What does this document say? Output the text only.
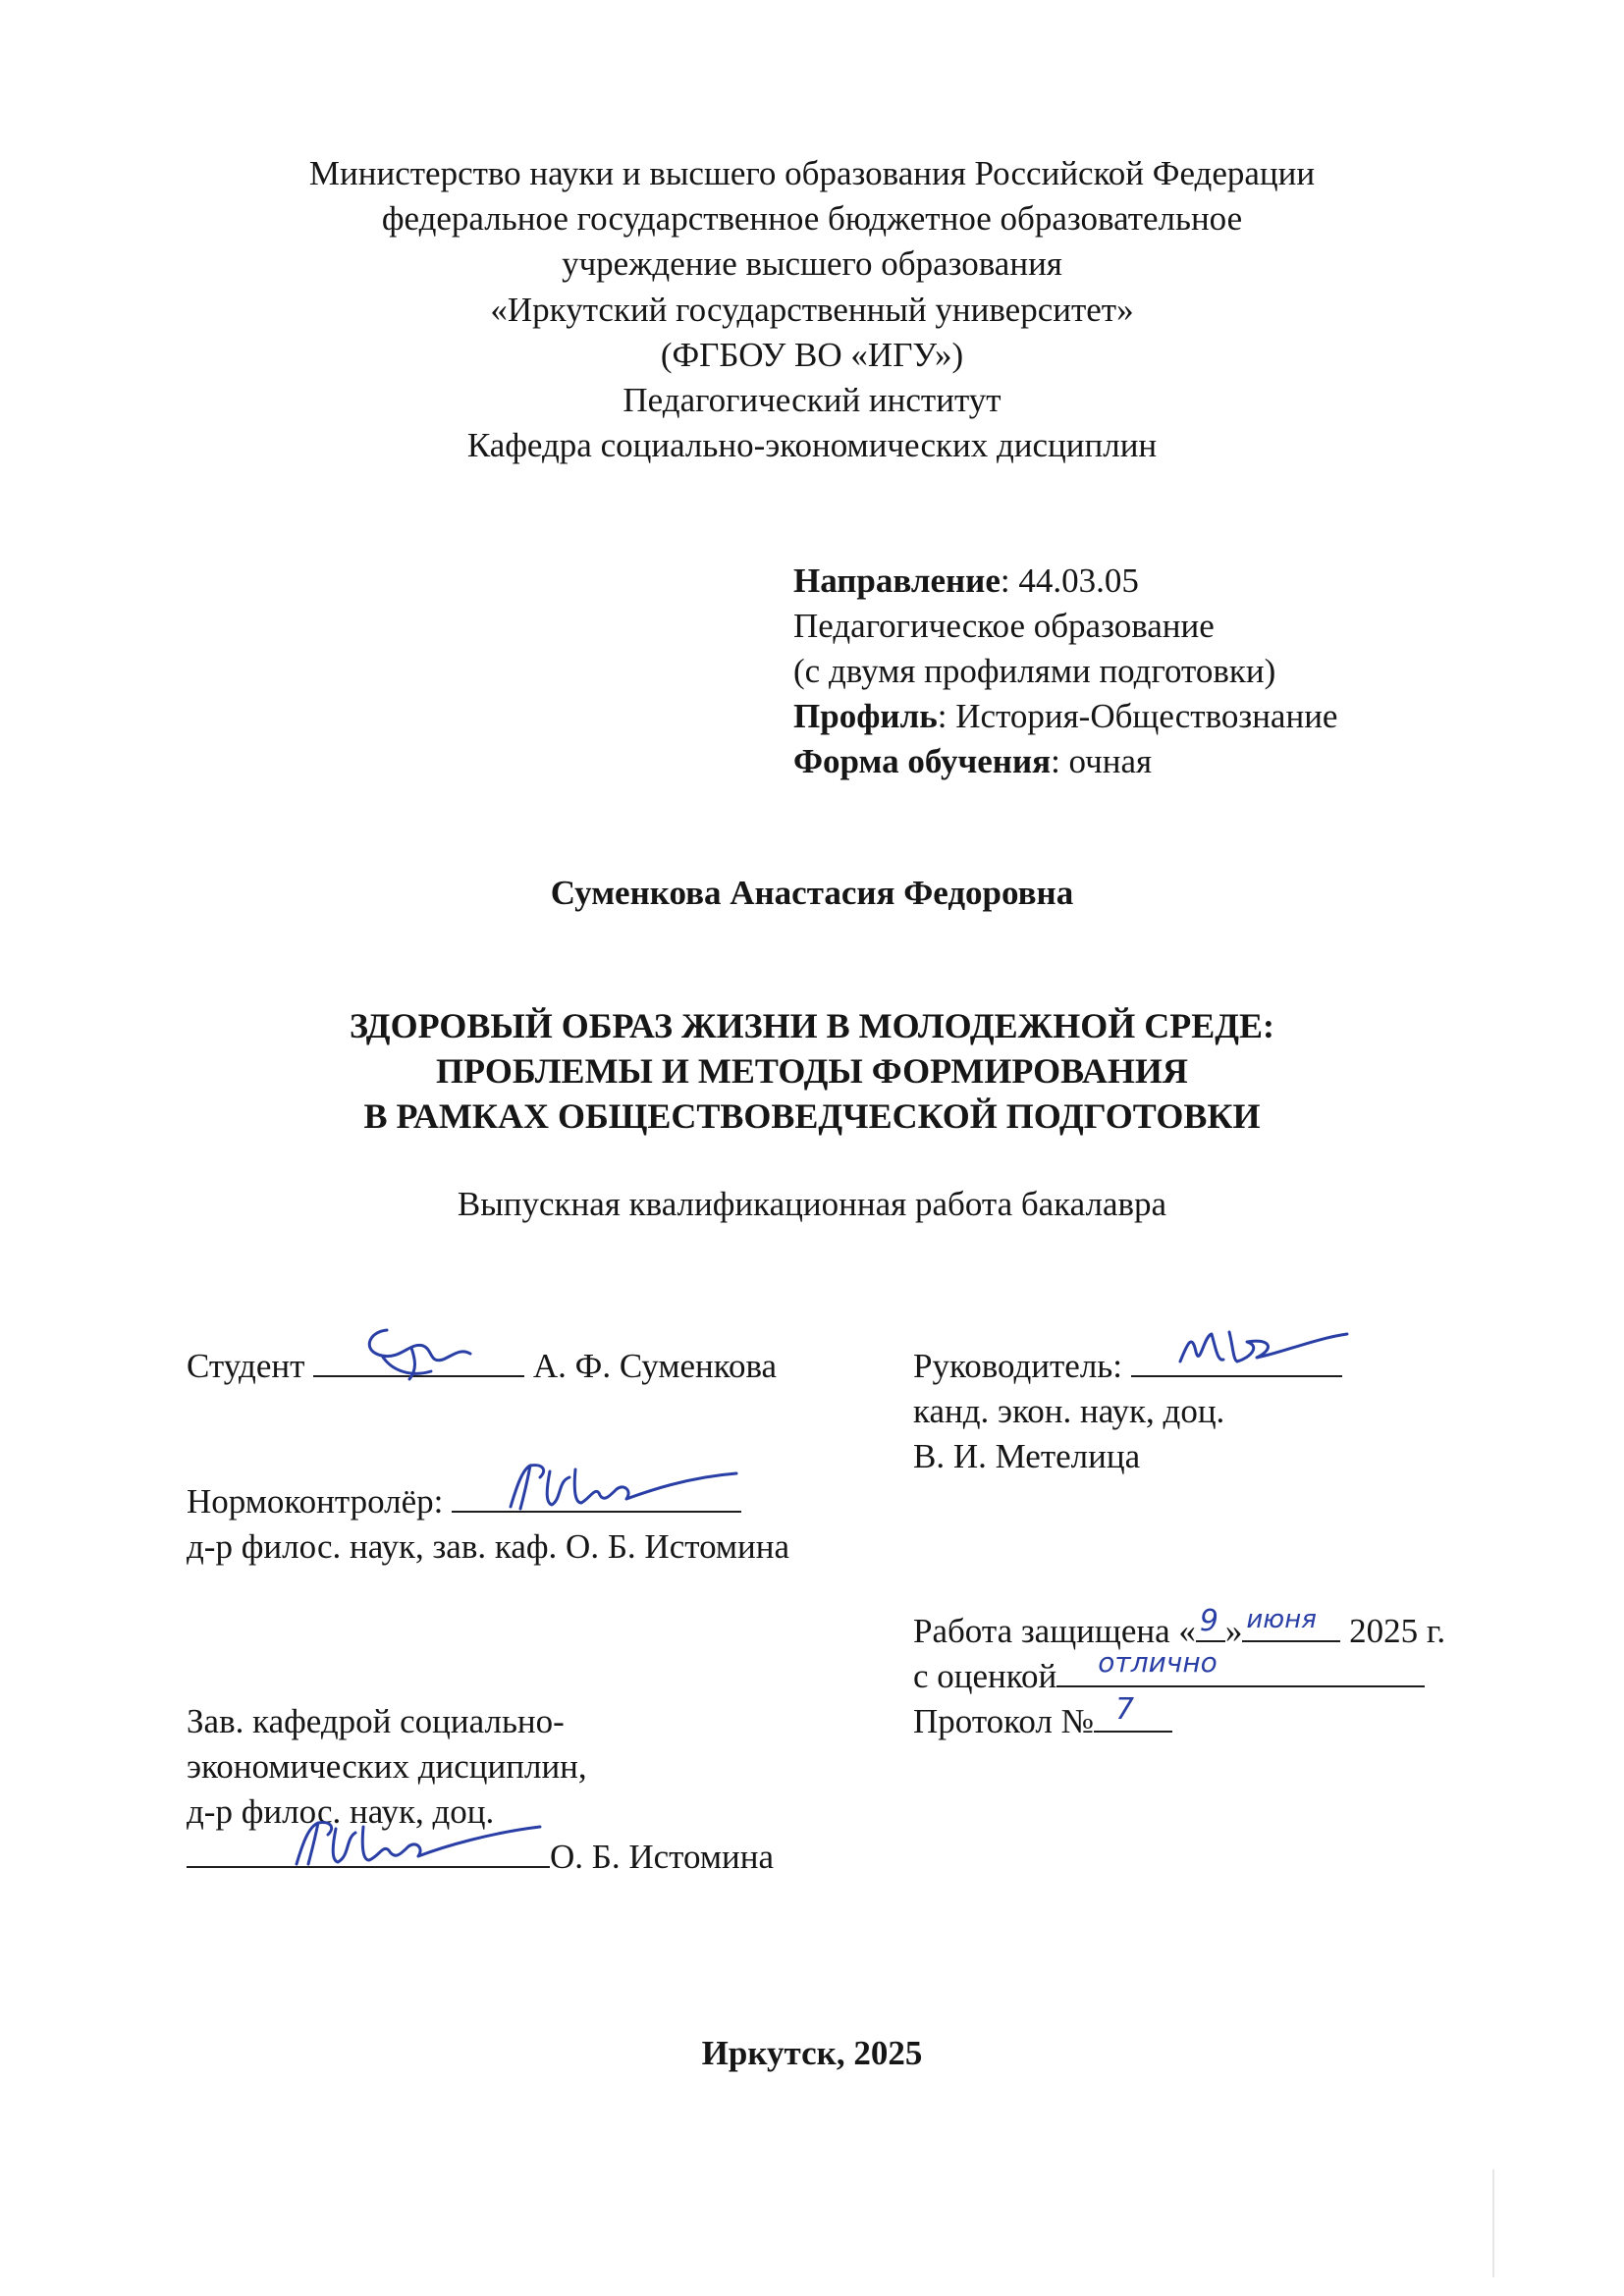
Министерство науки и высшего образования Российской Федерации
федеральное государственное бюджетное образовательное
учреждение высшего образования
«Иркутский государственный университет»
(ФГБОУ ВО «ИГУ»)
Педагогический институт
Кафедра социально-экономических дисциплин
Направление: 44.03.05
Педагогическое образование
(с двумя профилями подготовки)
Профиль: История-Обществознание
Форма обучения: очная
Суменкова Анастасия Федоровна
ЗДОРОВЫЙ ОБРАЗ ЖИЗНИ В МОЛОДЕЖНОЙ СРЕДЕ:
ПРОБЛЕМЫ И МЕТОДЫ ФОРМИРОВАНИЯ
В РАМКАХ ОБЩЕСТВОВЕДЧЕСКОЙ ПОДГОТОВКИ
Выпускная квалификационная работа бакалавра
Студент	А. Ф. Суменкова	Руководитель:
канд. экон. наук, доц.
В. И. Метелица
Нормоконтролёр:
д-р филос. наук, зав. каф. О. Б. Истомина
Работа защищена « 9 » июня 2025 г.
с оценкой отлично
Протокол № 7
Зав. кафедрой социально-
экономических дисциплин,
д-р филос. наук, доц.
О. Б. Истомина
Иркутск, 2025
